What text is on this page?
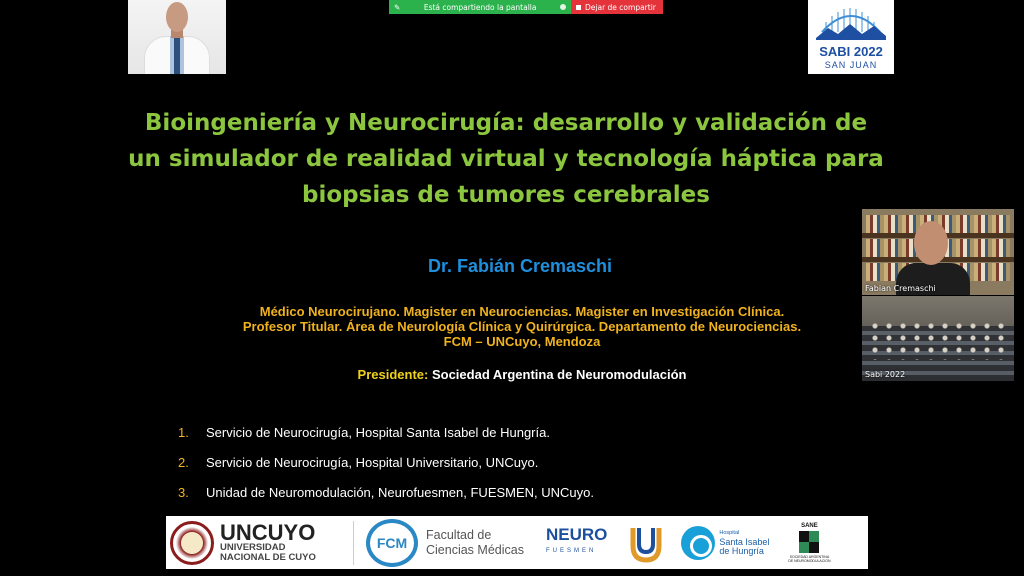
✎	Está compartiendo la pantalla	Dejar de compartir
SABI 2022
SAN JUAN
Bioingeniería y Neurocirugía: desarrollo y validación de
un simulador de realidad virtual y tecnología háptica para
biopsias de tumores cerebrales
Dr. Fabián Cremaschi
Médico Neurocirujano. Magister en Neurociencias. Magister en Investigación Clínica.
Profesor Titular. Área de Neurología Clínica y Quirúrgica. Departamento de Neurociencias.
FCM – UNCuyo, Mendoza
Presidente: Sociedad Argentina de Neuromodulación
1.	Servicio de Neurocirugía, Hospital Santa Isabel de Hungría.
2.	Servicio de Neurocirugía, Hospital Universitario, UNCuyo.
3.	Unidad de Neuromodulación, Neurofuesmen, FUESMEN, UNCuyo.
Fabian Cremaschi
Sabi 2022
UNCUYO
UNIVERSIDAD
NACIONAL DE CUYO
FCM	Facultad de
Ciencias Médicas
NEURO
FUESMEN
Hospital
Santa Isabel
de Hungría
SANE
SOCIEDAD ARGENTINA DE NEUROMODULACION
